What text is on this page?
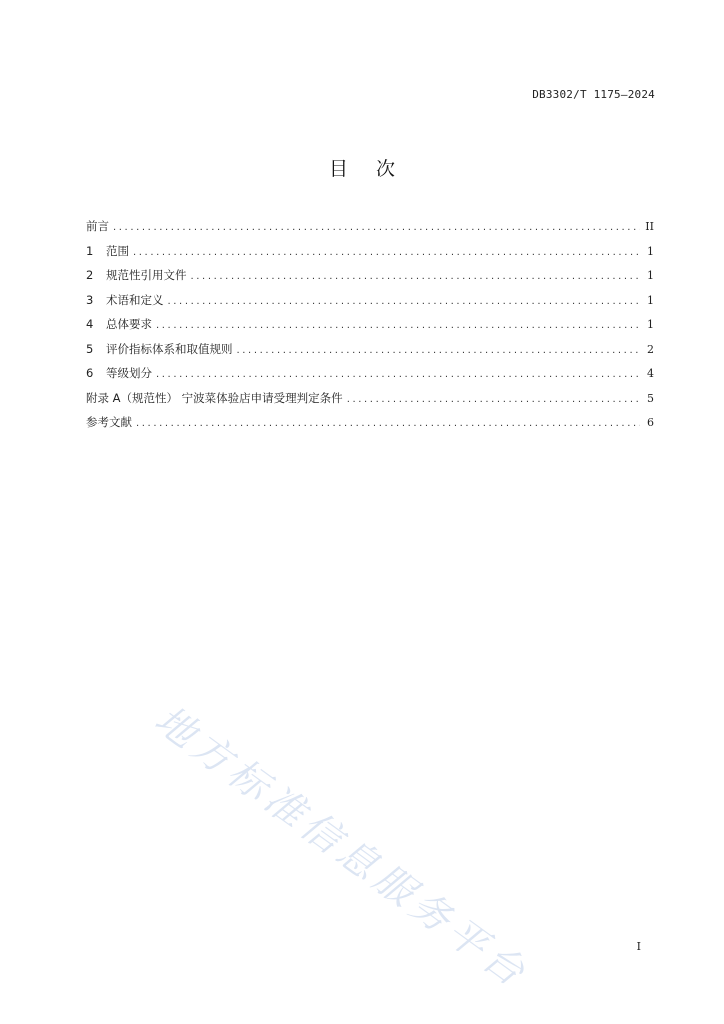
DB3302/T 1175—2024
目次
前言 .....	II
1	范围 .....	1
2	规范性引用文件 .....	1
3	术语和定义 .....	1
4	总体要求 .....	1
5	评价指标体系和取值规则 .....	2
6	等级划分 .....	4
附录 A（规范性） 宁波菜体验店申请受理判定条件 .....	5
参考文献 .....	6
地方标准信息服务平台	I
